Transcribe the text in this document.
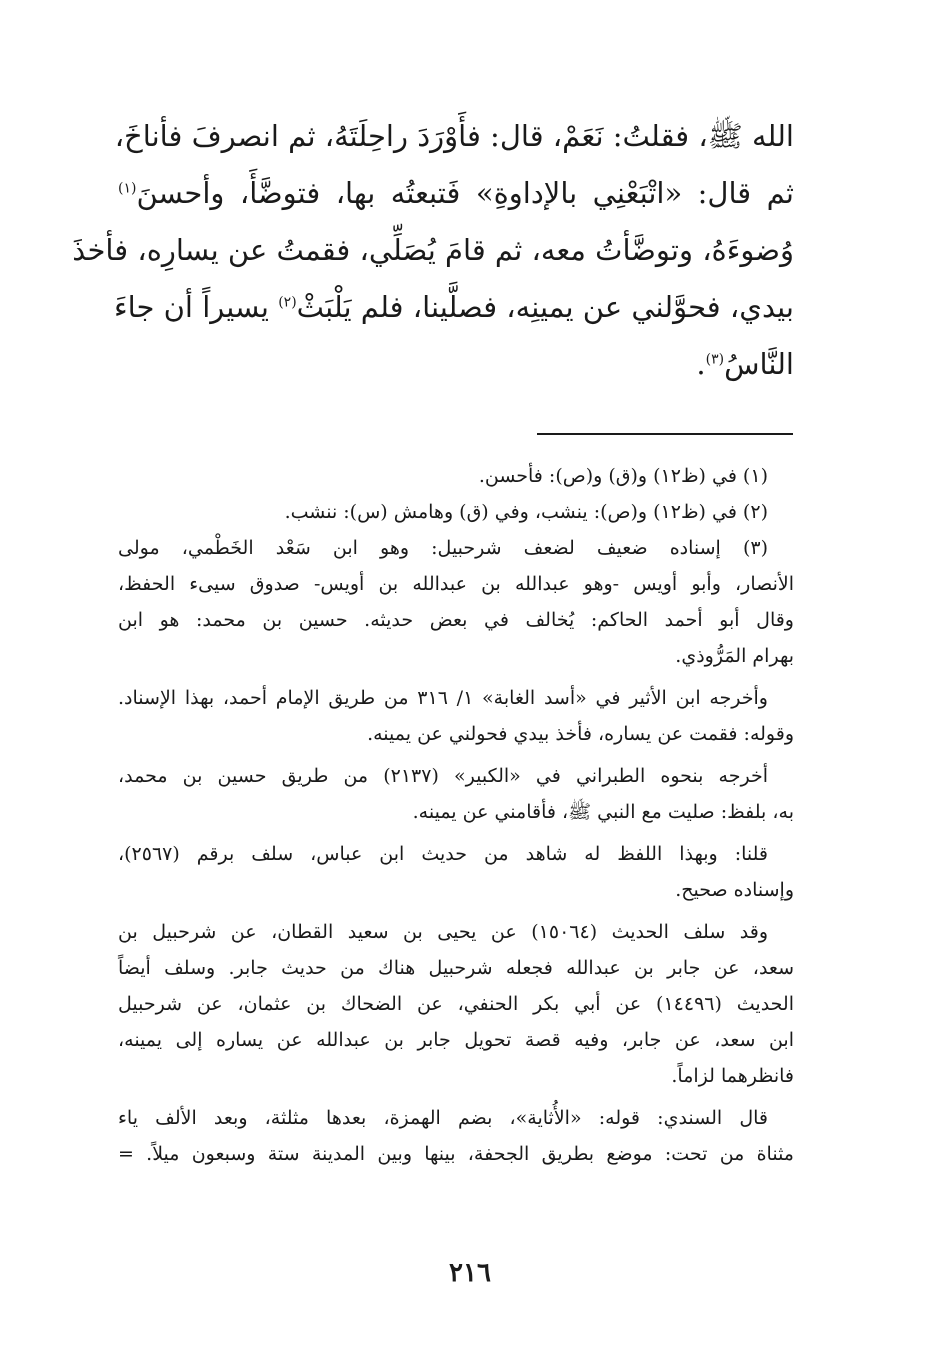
الله ﷺ، فقلتُ: نَعَمْ، قال: فأَوْرَدَ راحِلَتَهُ، ثم انصرفَ فأناخَ،
ثم قال: «اتْبَعْنِي بالإداوةِ» فَتبعتُه بها، فتوضَّأَ، وأحسنَ$^{(١)}$
وُضوءَهُ، وتوضَّأتُ معه، ثم قامَ يُصَلِّي، فقمتُ عن يسارِه، فأخذَ
بيدي، فحوَّلني عن يمينِه، فصلَّينا، فلم يَلْبَثْ$^{(٢)}$ يسيراً أن جاءَ
النَّاسُ$^{(٣)}$.

(١) في (ظ١٢) و(ق) و(ص): فأحسن.

(٢) في (ظ١٢) و(ص): ينشب، وفي (ق) وهامش (س): ننشب.

(٣) إسناده ضعيف لضعف شرحبيل: وهو ابن سَعْد الخَطْمي، مولى
الأنصار، وأبو أويس -وهو عبدالله بن عبدالله بن أويس- صدوق سيىء الحفظ،
وقال أبو أحمد الحاكم: يُخالف في بعض حديثه. حسين بن محمد: هو ابن
بهرام المَرُّوذي.

وأخرجه ابن الأثير في «أسد الغابة» ١/ ٣١٦ من طريق الإمام أحمد، بهذا الإسناد.
وقوله: فقمت عن يساره، فأخذ بيدي فحولني عن يمينه.

أخرجه بنحوه الطبراني في «الكبير» (٢١٣٧) من طريق حسين بن محمد،
به، بلفظ: صليت مع النبي ﷺ، فأقامني عن يمينه.

قلنا: وبهذا اللفظ له شاهد من حديث ابن عباس، سلف برقم (٢٥٦٧)،
وإسناده صحيح.

وقد سلف الحديث (١٥٠٦٤) عن يحيى بن سعيد القطان، عن شرحبيل بن
سعد، عن جابر بن عبدالله فجعله شرحبيل هناك من حديث جابر. وسلف أيضاً
الحديث (١٤٤٩٦) عن أبي بكر الحنفي، عن الضحاك بن عثمان، عن شرحبيل
ابن سعد، عن جابر، وفيه قصة تحويل جابر بن عبدالله عن يساره إلى يمينه،
فانظرهما لزاماً.

قال السندي: قوله: «الأُثاية»، بضم الهمزة، بعدها مثلثة، وبعد الألف ياء
مثناة من تحت: موضع بطريق الجحفة، بينها وبين المدينة ستة وسبعون ميلاً. =

٢١٦
